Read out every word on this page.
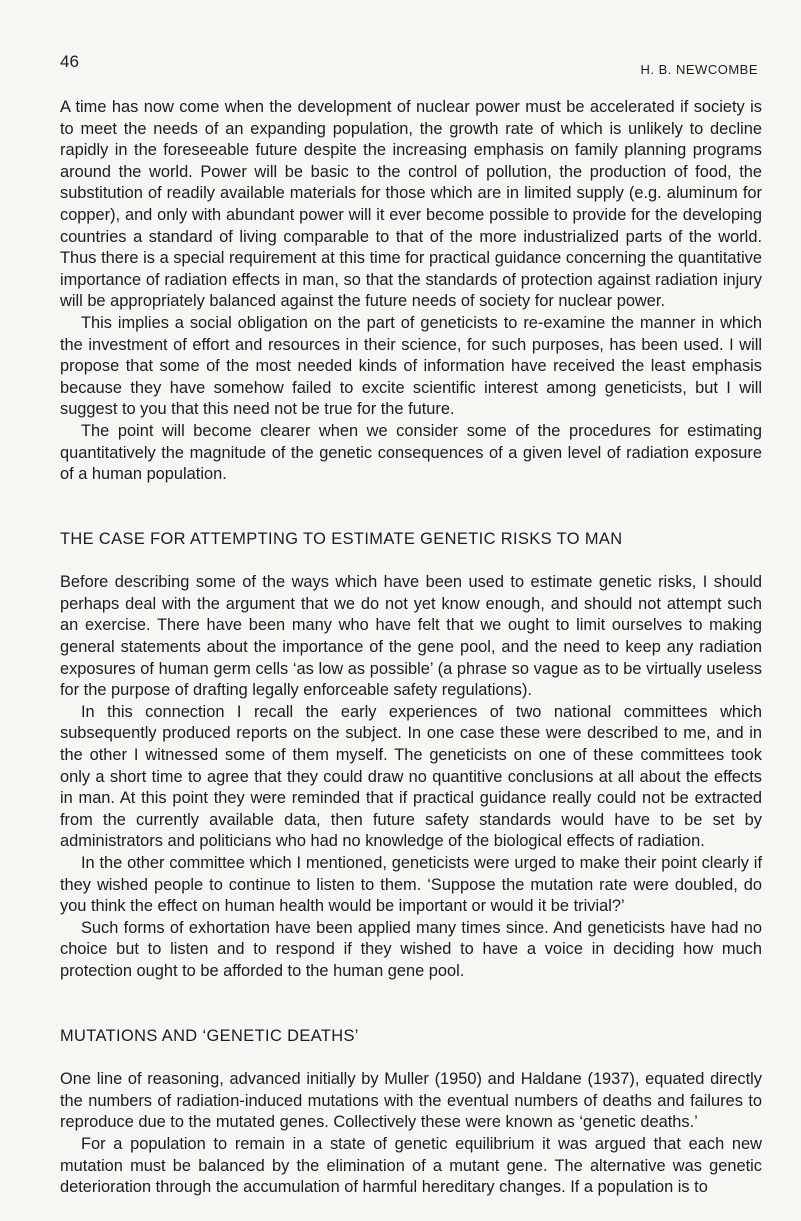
46	H. B. NEWCOMBE

A time has now come when the development of nuclear power must be accelerated if society is to meet the needs of an expanding population, the growth rate of which is unlikely to decline rapidly in the foreseeable future despite the increasing emphasis on family planning programs around the world. Power will be basic to the control of pollution, the production of food, the substitution of readily available materials for those which are in limited supply (e.g. aluminum for copper), and only with abundant power will it ever become possible to provide for the developing countries a standard of living comparable to that of the more industrialized parts of the world. Thus there is a special requirement at this time for practical guidance concerning the quantitative importance of radiation effects in man, so that the standards of protection against radiation injury will be appropriately balanced against the future needs of society for nuclear power.

This implies a social obligation on the part of geneticists to re-examine the manner in which the investment of effort and resources in their science, for such purposes, has been used. I will propose that some of the most needed kinds of information have received the least emphasis because they have somehow failed to excite scientific interest among geneticists, but I will suggest to you that this need not be true for the future.

The point will become clearer when we consider some of the procedures for estimating quantitatively the magnitude of the genetic consequences of a given level of radiation exposure of a human population.

THE CASE FOR ATTEMPTING TO ESTIMATE GENETIC RISKS TO MAN

Before describing some of the ways which have been used to estimate genetic risks, I should perhaps deal with the argument that we do not yet know enough, and should not attempt such an exercise. There have been many who have felt that we ought to limit ourselves to making general statements about the importance of the gene pool, and the need to keep any radiation exposures of human germ cells ‘as low as possible’ (a phrase so vague as to be virtually useless for the purpose of drafting legally enforceable safety regulations).

In this connection I recall the early experiences of two national committees which subsequently produced reports on the subject. In one case these were described to me, and in the other I witnessed some of them myself. The geneticists on one of these committees took only a short time to agree that they could draw no quantitive conclusions at all about the effects in man. At this point they were reminded that if practical guidance really could not be extracted from the currently available data, then future safety standards would have to be set by administrators and politicians who had no knowledge of the biological effects of radiation.

In the other committee which I mentioned, geneticists were urged to make their point clearly if they wished people to continue to listen to them. ‘Suppose the mutation rate were doubled, do you think the effect on human health would be important or would it be trivial?’

Such forms of exhortation have been applied many times since. And geneticists have had no choice but to listen and to respond if they wished to have a voice in deciding how much protection ought to be afforded to the human gene pool.

MUTATIONS AND ‘GENETIC DEATHS’

One line of reasoning, advanced initially by Muller (1950) and Haldane (1937), equated directly the numbers of radiation-induced mutations with the eventual numbers of deaths and failures to reproduce due to the mutated genes. Collectively these were known as ‘genetic deaths.’

For a population to remain in a state of genetic equilibrium it was argued that each new mutation must be balanced by the elimination of a mutant gene. The alternative was genetic deterioration through the accumulation of harmful hereditary changes. If a population is to
